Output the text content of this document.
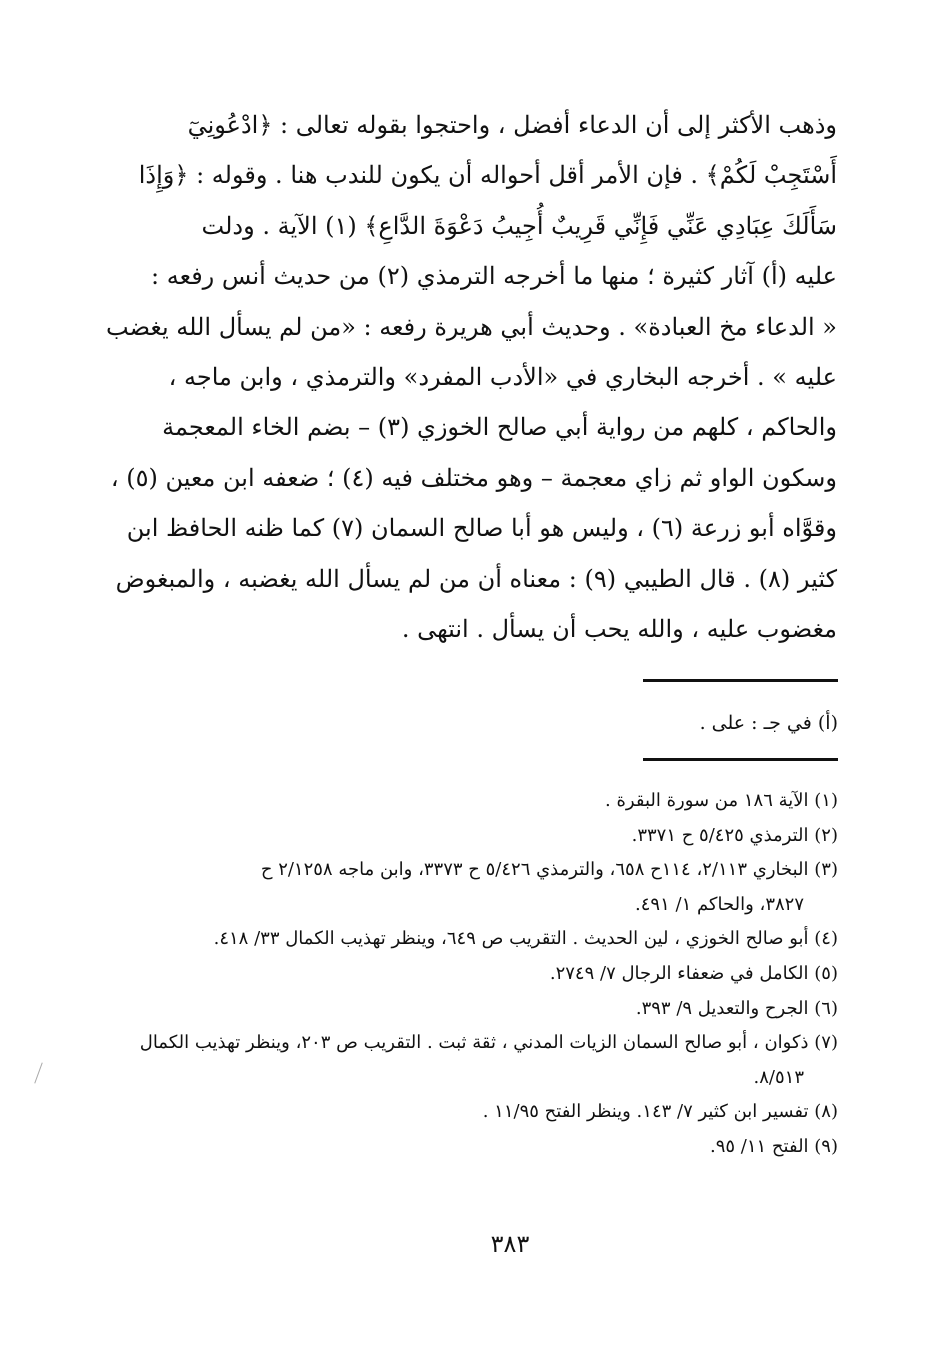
وذهب الأكثر إلى أن الدعاء أفضل ، واحتجوا بقوله تعالى : ﴿ادْعُونِيٓ
أَسْتَجِبْ لَكُمْ﴾ . فإن الأمر أقل أحواله أن يكون للندب هنا . وقوله : ﴿وَإِذَا
سَأَلَكَ عِبَادِي عَنِّي فَإِنِّي قَرِيبٌ أُجِيبُ دَعْوَةَ الدَّاعِ﴾ (١) الآية . ودلت
عليه (أ) آثار كثيرة ؛ منها ما أخرجه الترمذي (٢) من حديث أنس رفعه :
« الدعاء مخ العبادة» . وحديث أبي هريرة رفعه : «من لم يسأل الله يغضب
عليه » . أخرجه البخاري في «الأدب المفرد» والترمذي ، وابن ماجه ،
والحاكم ، كلهم من رواية أبي صالح الخوزي (٣) – بضم الخاء المعجمة
وسكون الواو ثم زاي معجمة – وهو مختلف فيه (٤) ؛ ضعفه ابن معين (٥) ،
وقوَّاه أبو زرعة (٦) ، وليس هو أبا صالح السمان (٧) كما ظنه الحافظ ابن
كثير (٨) . قال الطيبي (٩) : معناه أن من لم يسأل الله يغضبه ، والمبغوض
مغضوب عليه ، والله يحب أن يسأل . انتهى .
(أ) في جـ : على .
(١) الآية ١٨٦ من سورة البقرة .
(٢) الترمذي ٥/٤٢٥ ح ٣٣٧١.
(٣) البخاري ٢/١١٣، ١١٤ح ٦٥٨، والترمذي ٥/٤٢٦ ح ٣٣٧٣، وابن ماجه ٢/١٢٥٨ ح
٣٨٢٧، والحاكم ١/ ٤٩١.
(٤) أبو صالح الخوزي ، لين الحديث . التقريب ص ٦٤٩، وينظر تهذيب الكمال ٣٣/ ٤١٨.
(٥) الكامل في ضعفاء الرجال ٧/ ٢٧٤٩.
(٦) الجرح والتعديل ٩/ ٣٩٣.
(٧) ذكوان ، أبو صالح السمان الزيات المدني ، ثقة ثبت . التقريب ص ٢٠٣، وينظر تهذيب الكمال
٨/٥١٣.
(٨) تفسير ابن كثير ٧/ ١٤٣. وينظر الفتح ١١/٩٥ .
(٩) الفتح ١١/ ٩٥.
٣٨٣
